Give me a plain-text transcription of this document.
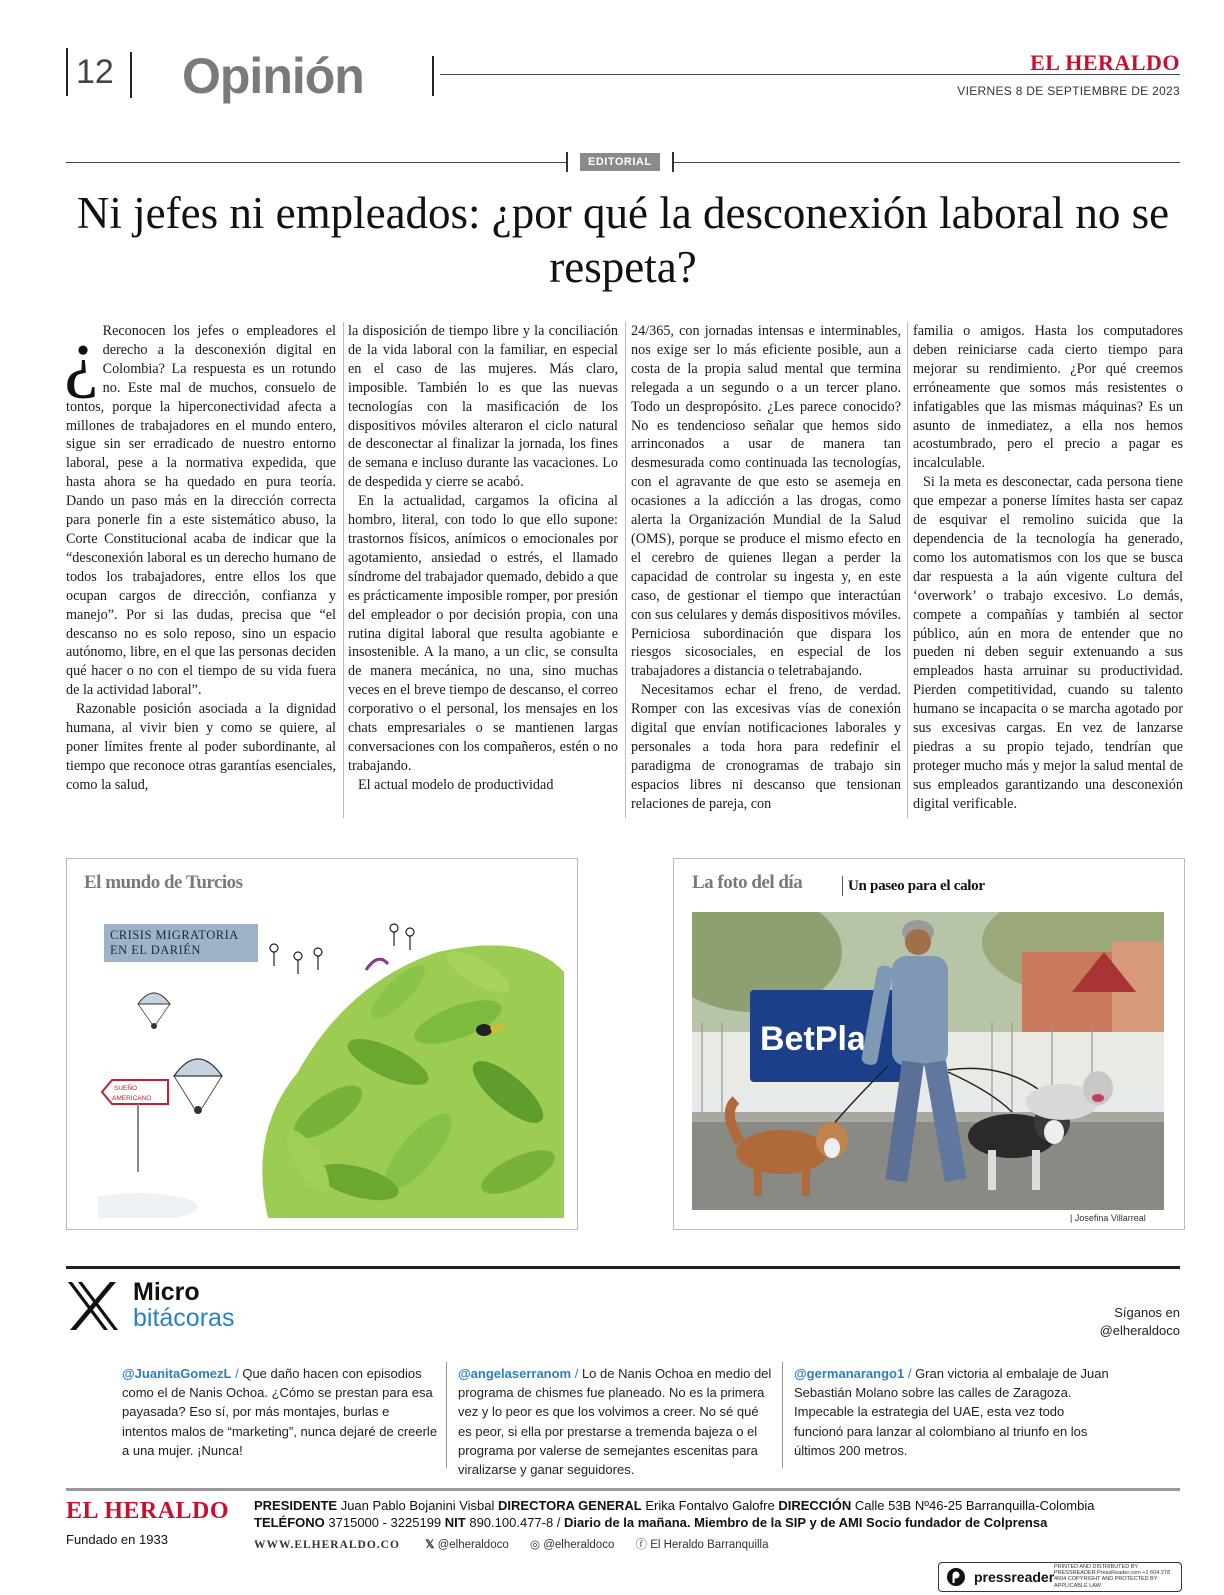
12 Opinión	EL HERALDO
VIERNES 8 DE SEPTIEMBRE DE 2023
EDITORIAL
Ni jefes ni empleados: ¿por qué la desconexión laboral no se respeta?

¿ Reconocen los jefes o empleadores el derecho a la desconexión digital en Colombia? La respuesta es un rotundo no. Este mal de muchos, consuelo de tontos, porque la hiperconectividad afecta a millones de trabajadores en el mundo entero, sigue sin ser erradicado de nuestro entorno laboral, pese a la normativa expedida, que hasta ahora se ha quedado en pura teoría. Dando un paso más en la dirección correcta para ponerle fin a este sistemático abuso, la Corte Constitucional acaba de indicar que la “desconexión laboral es un derecho humano de todos los trabajadores, entre ellos los que ocupan cargos de dirección, confianza y manejo”. Por si las dudas, precisa que “el descanso no es solo reposo, sino un espacio autónomo, libre, en el que las personas deciden qué hacer o no con el tiempo de su vida fuera de la actividad laboral”.

Razonable posición asociada a la dignidad humana, al vivir bien y como se quiere, al poner límites frente al poder subordinante, al tiempo que reconoce otras garantías esenciales, como la salud,

la disposición de tiempo libre y la conciliación de la vida laboral con la familiar, en especial en el caso de las mujeres. Más claro, imposible. También lo es que las nuevas tecnologías con la masificación de los dispositivos móviles alteraron el ciclo natural de desconectar al finalizar la jornada, los fines de semana e incluso durante las vacaciones. Lo de despedida y cierre se acabó.

En la actualidad, cargamos la oficina al hombro, literal, con todo lo que ello supone: trastornos físicos, anímicos o emocionales por agotamiento, ansiedad o estrés, el llamado síndrome del trabajador quemado, debido a que es prácticamente imposible romper, por presión del empleador o por decisión propia, con una rutina digital laboral que resulta agobiante e insostenible. A la mano, a un clic, se consulta de manera mecánica, no una, sino muchas veces en el breve tiempo de descanso, el correo corporativo o el personal, los mensajes en los chats empresariales o se mantienen largas conversaciones con los compañeros, estén o no trabajando.

El actual modelo de productividad

24/365, con jornadas intensas e interminables, nos exige ser lo más eficiente posible, aun a costa de la propia salud mental que termina relegada a un segundo o a un tercer plano. Todo un despropósito. ¿Les parece conocido? No es tendencioso señalar que hemos sido arrinconados a usar de manera tan desmesurada como continuada las tecnologías, con el agravante de que esto se asemeja en ocasiones a la adicción a las drogas, como alerta la Organización Mundial de la Salud (OMS), porque se produce el mismo efecto en el cerebro de quienes llegan a perder la capacidad de controlar su ingesta y, en este caso, de gestionar el tiempo que interactúan con sus celulares y demás dispositivos móviles. Perniciosa subordinación que dispara los riesgos sicosociales, en especial de los trabajadores a distancia o teletrabajando.

Necesitamos echar el freno, de verdad. Romper con las excesivas vías de conexión digital que envían notificaciones laborales y personales a toda hora para redefinir el paradigma de cronogramas de trabajo sin espacios libres ni descanso que tensionan relaciones de pareja, con

familia o amigos. Hasta los computadores deben reiniciarse cada cierto tiempo para mejorar su rendimiento. ¿Por qué creemos erróneamente que somos más resistentes o infatigables que las mismas máquinas? Es un asunto de inmediatez, a ella nos hemos acostumbrado, pero el precio a pagar es incalculable.

Si la meta es desconectar, cada persona tiene que empezar a ponerse límites hasta ser capaz de esquivar el remolino suicida que la dependencia de la tecnología ha generado, como los automatismos con los que se busca dar respuesta a la aún vigente cultura del ‘overwork’ o trabajo excesivo. Lo demás, compete a compañías y también al sector público, aún en mora de entender que no pueden ni deben seguir extenuando a sus empleados hasta arruinar su productividad. Pierden competitividad, cuando su talento humano se incapacita o se marcha agotado por sus excesivas cargas. En vez de lanzarse piedras a su propio tejado, tendrían que proteger mucho más y mejor la salud mental de sus empleados garantizando una desconexión digital verificable.

El mundo de Turcios
SUEÑO
AMERICANO
CRISIS MIGRATORIA EN EL DARIÉN
La foto del día	Un paseo para el calor
BetPla
| Josefina Villarreal
Micro
bitácoras	Síganos en
@elheraldoco
@JuanitaGomezL / Que daño hacen con episodios como el de Nanis Ochoa. ¿Cómo se prestan para esa payasada? Eso sí, por más montajes, burlas e intentos malos de “marketing”, nunca dejaré de creerle a una mujer. ¡Nunca!
@angelaserranom / Lo de Nanis Ochoa en medio del programa de chismes fue planeado. No es la primera vez y lo peor es que los volvimos a creer. No sé qué es peor, si ella por prestarse a tremenda bajeza o el programa por valerse de semejantes escenitas para viralizarse y ganar seguidores.
@germanarango1 / Gran victoria al embalaje de Juan Sebastián Molano sobre las calles de Zaragoza. Impecable la estrategia del UAE, esta vez todo funcionó para lanzar al colombiano al triunfo en los últimos 200 metros.
EL HERALDO
Fundado en 1933
PRESIDENTE Juan Pablo Bojanini Visbal DIRECTORA GENERAL Erika Fontalvo Galofre DIRECCIÓN Calle 53B Nº46-25 Barranquilla-Colombia
TELÉFONO 3715000 - 3225199 NIT 890.100.477-8 / Diario de la mañana. Miembro de la SIP y de AMI Socio fundador de Colprensa
WWW.ELHERALDO.CO 𝕏 @elheraldoco ◎ @elheraldoco ⓕ El Heraldo Barranquilla
pressreader
PRINTED AND DISTRIBUTED BY PRESSREADER PressReader.com +1 604 278 4604 COPYRIGHT AND PROTECTED BY APPLICABLE LAW
